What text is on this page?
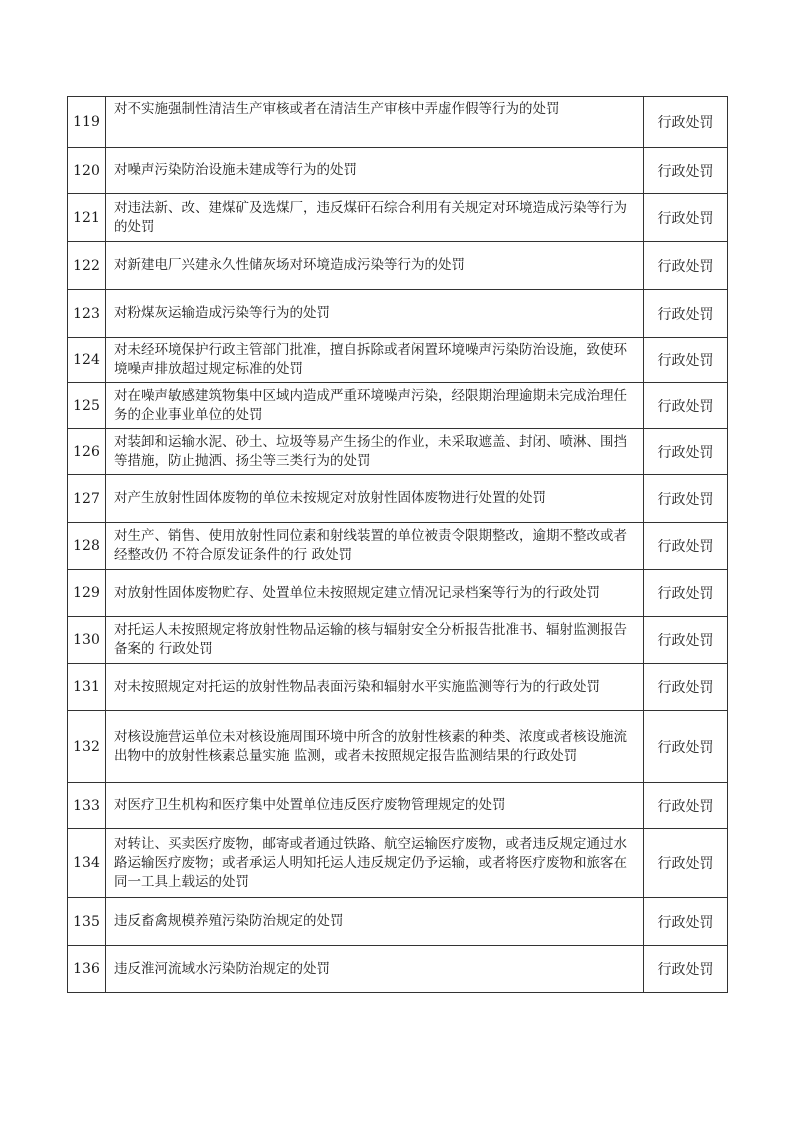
119	对不实施强制性清洁生产审核或者在清洁生产审核中弄虚作假等行为的处罚	行政处罚
120	对噪声污染防治设施未建成等行为的处罚	行政处罚
121	对违法新、改、建煤矿及选煤厂，违反煤矸石综合利用有关规定对环境造成污染等行为的处罚	行政处罚
122	对新建电厂兴建永久性储灰场对环境造成污染等行为的处罚	行政处罚
123	对粉煤灰运输造成污染等行为的处罚	行政处罚
124	对未经环境保护行政主管部门批准，擅自拆除或者闲置环境噪声污染防治设施，致使环境噪声排放超过规定标准的处罚	行政处罚
125	对在噪声敏感建筑物集中区域内造成严重环境噪声污染，经限期治理逾期未完成治理任务的企业事业单位的处罚	行政处罚
126	对装卸和运输水泥、砂土、垃圾等易产生扬尘的作业，未采取遮盖、封闭、喷淋、围挡等措施，防止抛洒、扬尘等三类行为的处罚	行政处罚
127	对产生放射性固体废物的单位未按规定对放射性固体废物进行处置的处罚	行政处罚
128	对生产、销售、使用放射性同位素和射线装置的单位被责令限期整改，逾期不整改或者经整改仍 不符合原发证条件的行 政处罚	行政处罚
129	对放射性固体废物贮存、处置单位未按照规定建立情况记录档案等行为的行政处罚	行政处罚
130	对托运人未按照规定将放射性物品运输的核与辐射安全分析报告批准书、辐射监测报告备案的 行政处罚	行政处罚
131	对未按照规定对托运的放射性物品表面污染和辐射水平实施监测等行为的行政处罚	行政处罚
132	对核设施营运单位未对核设施周围环境中所含的放射性核素的种类、浓度或者核设施流出物中的放射性核素总量实施 监测，或者未按照规定报告监测结果的行政处罚	行政处罚
133	对医疗卫生机构和医疗集中处置单位违反医疗废物管理规定的处罚	行政处罚
134	对转让、买卖医疗废物，邮寄或者通过铁路、航空运输医疗废物，或者违反规定通过水路运输医疗废物；或者承运人明知托运人违反规定仍予运输，或者将医疗废物和旅客在同一工具上载运的处罚	行政处罚
135	违反畜禽规模养殖污染防治规定的处罚	行政处罚
136	违反淮河流域水污染防治规定的处罚	行政处罚
